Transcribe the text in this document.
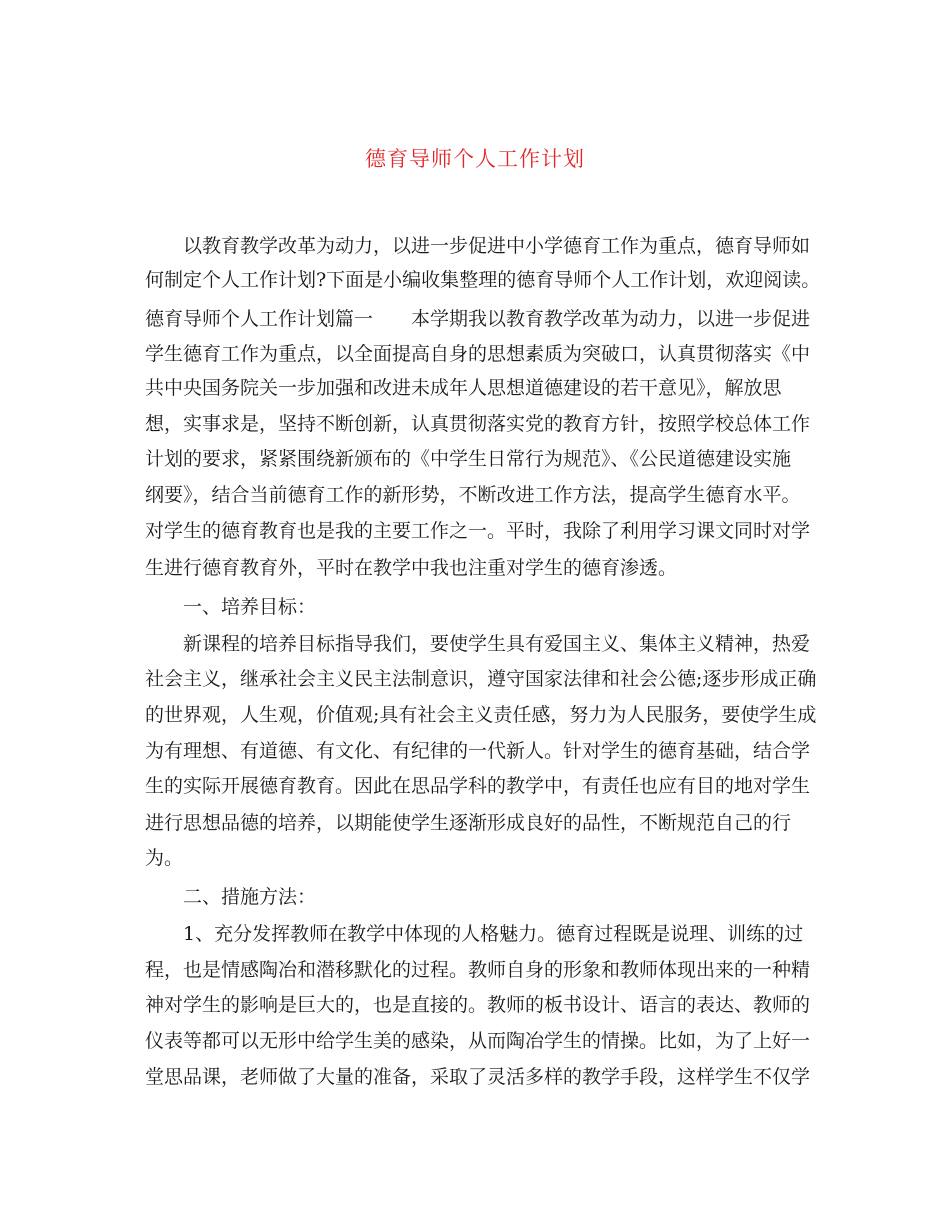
德育导师个人工作计划

以教育教学改革为动力，以进一步促进中小学德育工作为重点，德育导师如

何制定个人工作计划?下面是小编收集整理的德育导师个人工作计划，欢迎阅读。

德育导师个人工作计划篇一　　本学期我以教育教学改革为动力，以进一步促进

学生德育工作为重点，以全面提高自身的思想素质为突破口，认真贯彻落实《中

共中央国务院关一步加强和改进未成年人思想道德建设的若干意见》，解放思

想，实事求是，坚持不断创新，认真贯彻落实党的教育方针，按照学校总体工作

计划的要求，紧紧围绕新颁布的《中学生日常行为规范》、《公民道德建设实施

纲要》，结合当前德育工作的新形势，不断改进工作方法，提高学生德育水平。

对学生的德育教育也是我的主要工作之一。平时，我除了利用学习课文同时对学

生进行德育教育外，平时在教学中我也注重对学生的德育渗透。

一、培养目标：

新课程的培养目标指导我们，要使学生具有爱国主义、集体主义精神，热爱

社会主义，继承社会主义民主法制意识，遵守国家法律和社会公德;逐步形成正确

的世界观，人生观，价值观;具有社会主义责任感，努力为人民服务，要使学生成

为有理想、有道德、有文化、有纪律的一代新人。针对学生的德育基础，结合学

生的实际开展德育教育。因此在思品学科的教学中，有责任也应有目的地对学生

进行思想品德的培养，以期能使学生逐渐形成良好的品性，不断规范自己的行

为。

二、措施方法：

1、充分发挥教师在教学中体现的人格魅力。德育过程既是说理、训练的过

程，也是情感陶冶和潜移默化的过程。教师自身的形象和教师体现出来的一种精

神对学生的影响是巨大的，也是直接的。教师的板书设计、语言的表达、教师的

仪表等都可以无形中给学生美的感染，从而陶冶学生的情操。比如，为了上好一

堂思品课，老师做了大量的准备，采取了灵活多样的教学手段，这样学生不仅学
